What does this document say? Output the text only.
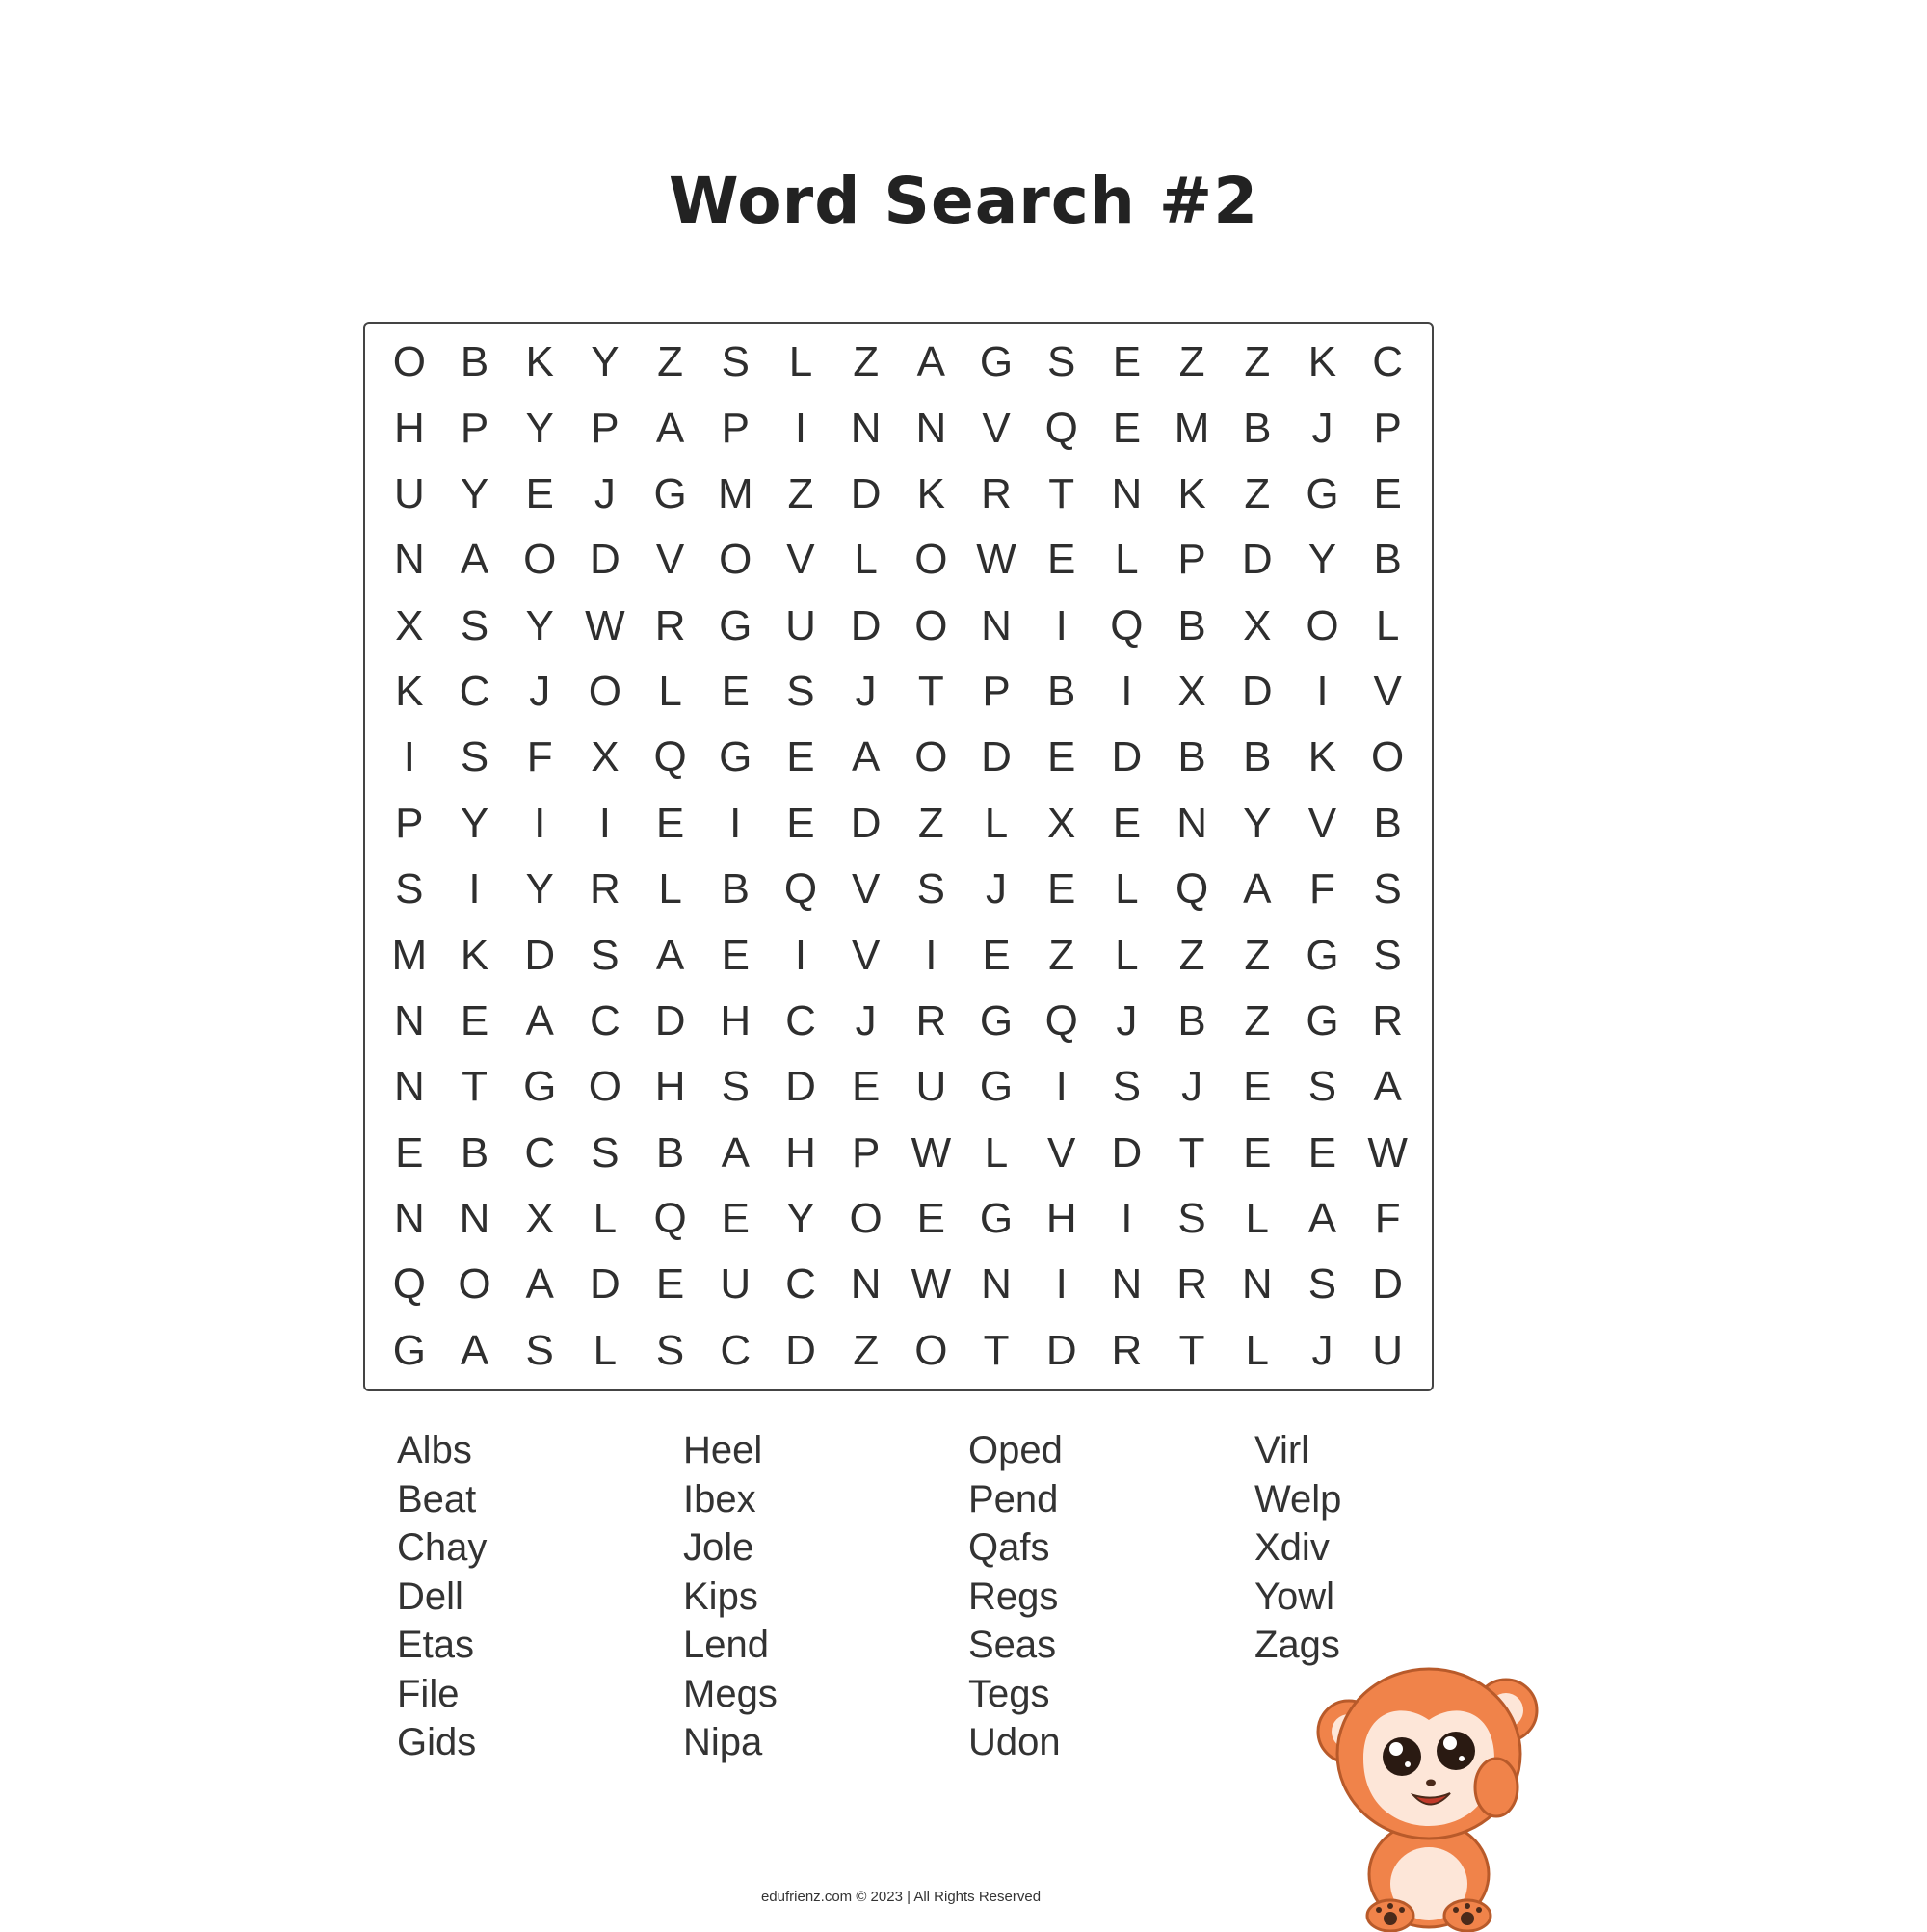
Word Search #2
O B K Y Z S L Z A G S E Z Z K C
H P Y P A P	I	N N V Q E M B J P
U Y E J G M Z D K R T N K Z G E
N A O D V O V L O W E L P D Y B
X S Y W R G U D O N	I	Q B X O L
K C J O L E S J T P B	I	X D	I	V
I	S F X Q G E A O D E D B B K O
P Y	I	I	E	I	E D Z L X E N Y V B
S	I	Y R L B Q V S J E L Q A F S
M K D S A E	I	V	I	E Z L Z Z G S
N E A C D H C J R G Q J B Z G R
N T G O H S D E U G	I	S J E S A
E B C S B A H P W L V D T E E W
N N X L Q E Y O E G H	I	S L A F
Q O A D E U C N W N	I	N R N S D
G A S L S C D Z O T D R T L	J U
Albs
Beat
Chay
Dell
Etas
File
Gids
Heel
Ibex
Jole
Kips
Lend
Megs
Nipa
Oped
Pend
Qafs
Regs
Seas
Tegs
Udon
Virl
Welp
Xdiv
Yowl
Zags
edufrienz.com © 2023 | All Rights Reserved
